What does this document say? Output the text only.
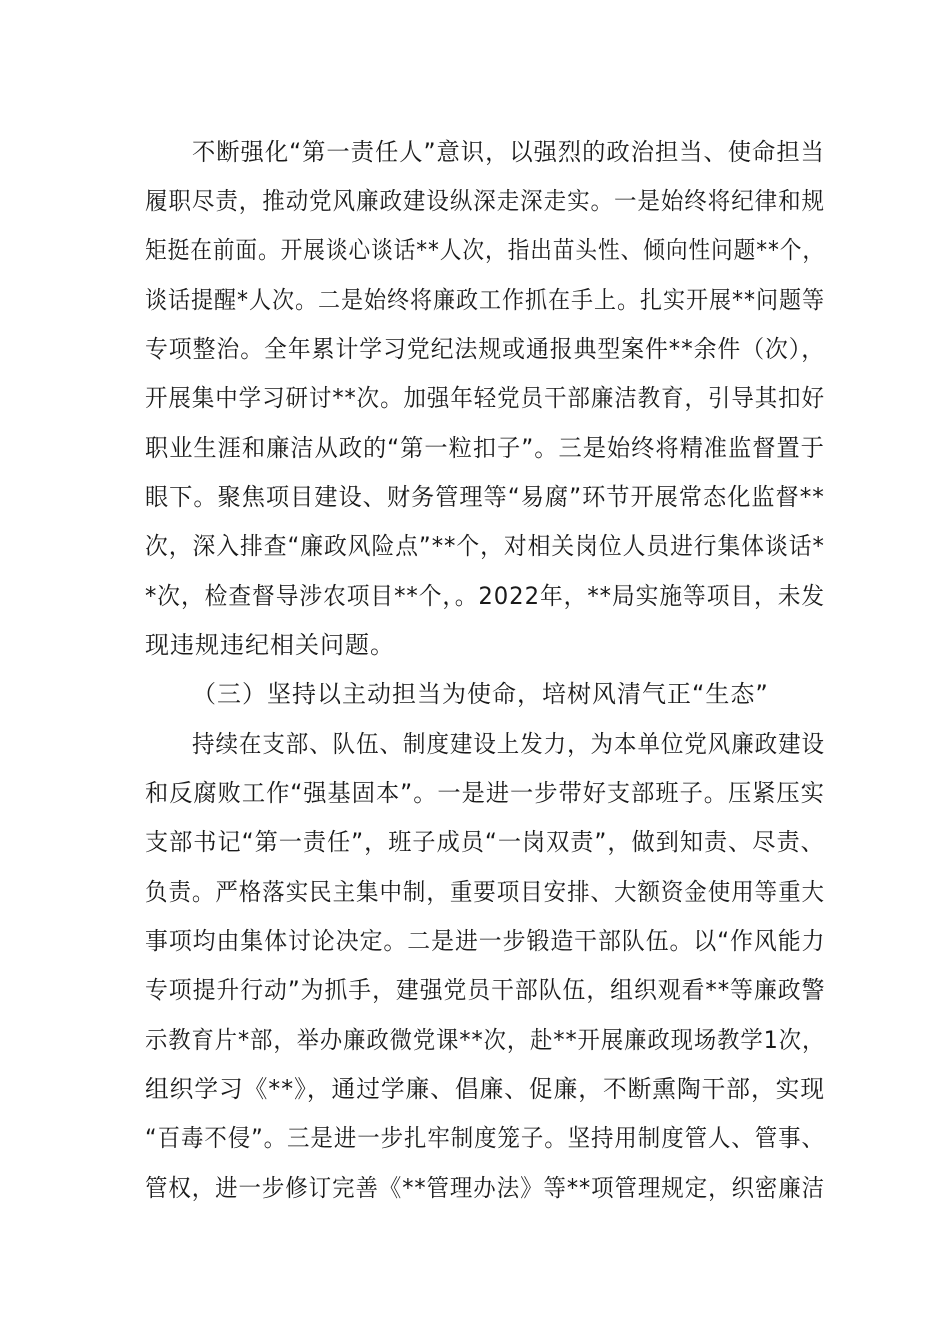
不断强化“第一责任人”意识，以强烈的政治担当、使命担当
履职尽责，推动党风廉政建设纵深走深走实。一是始终将纪律和规
矩挺在前面。开展谈心谈话**人次，指出苗头性、倾向性问题**个，
谈话提醒*人次。二是始终将廉政工作抓在手上。扎实开展**问题等
专项整治。全年累计学习党纪法规或通报典型案件**余件（次），
开展集中学习研讨**次。加强年轻党员干部廉洁教育，引导其扣好
职业生涯和廉洁从政的“第一粒扣子”。三是始终将精准监督置于
眼下。聚焦项目建设、财务管理等“易腐”环节开展常态化监督**
次，深入排查“廉政风险点”**个，对相关岗位人员进行集体谈话*
*次，检查督导涉农项目**个，。2022年，**局实施等项目，未发
现违规违纪相关问题。
（三）坚持以主动担当为使命，培树风清气正“生态”
持续在支部、队伍、制度建设上发力，为本单位党风廉政建设
和反腐败工作“强基固本”。一是进一步带好支部班子。压紧压实
支部书记“第一责任”，班子成员“一岗双责”，做到知责、尽责、
负责。严格落实民主集中制，重要项目安排、大额资金使用等重大
事项均由集体讨论决定。二是进一步锻造干部队伍。以“作风能力
专项提升行动”为抓手，建强党员干部队伍，组织观看**等廉政警
示教育片*部，举办廉政微党课**次，赴**开展廉政现场教学1次，
组织学习《**》，通过学廉、倡廉、促廉，不断熏陶干部，实现
“百毒不侵”。三是进一步扎牢制度笼子。坚持用制度管人、管事、
管权，进一步修订完善《**管理办法》等**项管理规定，织密廉洁
